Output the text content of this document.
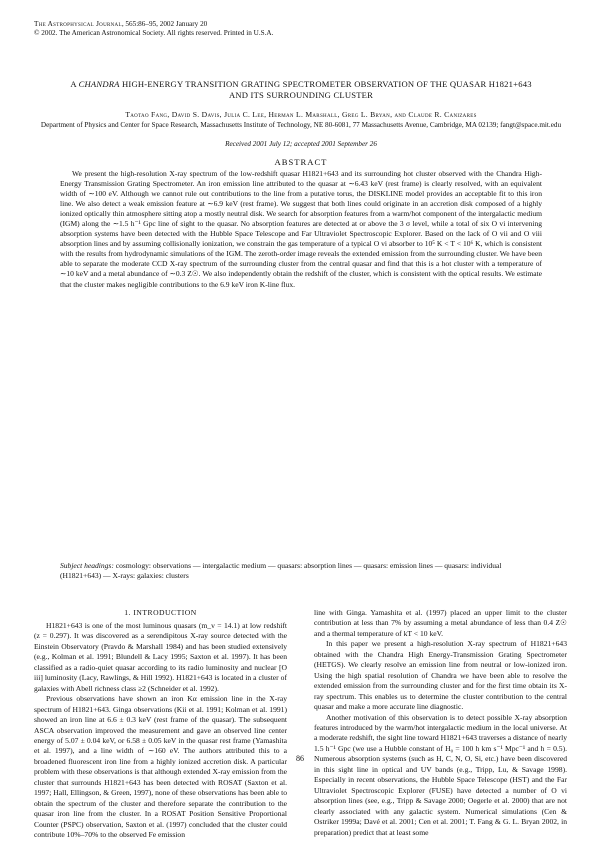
The Astrophysical Journal, 565:86–95, 2002 January 20
© 2002. The American Astronomical Society. All rights reserved. Printed in U.S.A.
A CHANDRA HIGH-ENERGY TRANSITION GRATING SPECTROMETER OBSERVATION OF THE QUASAR H1821+643 AND ITS SURROUNDING CLUSTER
Taotao Fang, David S. Davis, Julia C. Lee, Herman L. Marshall, Greg L. Bryan, and Claude R. Canizares
Department of Physics and Center for Space Research, Massachusetts Institute of Technology, NE 80-6081, 77 Massachusetts Avenue, Cambridge, MA 02139; fangt@space.mit.edu
Received 2001 July 12; accepted 2001 September 26
ABSTRACT

We present the high-resolution X-ray spectrum of the low-redshift quasar H1821+643 and its surrounding hot cluster observed with the Chandra High-Energy Transmission Grating Spectrometer. An iron emission line attributed to the quasar at ∼6.43 keV (rest frame) is clearly resolved, with an equivalent width of ∼100 eV. Although we cannot rule out contributions to the line from a putative torus, the DISKLINE model provides an acceptable fit to this iron line. We also detect a weak emission feature at ∼6.9 keV (rest frame). We suggest that both lines could originate in an accretion disk composed of a highly ionized optically thin atmosphere sitting atop a mostly neutral disk. We search for absorption features from a warm/hot component of the intergalactic medium (IGM) along the ∼1.5 h⁻¹ Gpc line of sight to the quasar. No absorption features are detected at or above the 3 σ level, while a total of six O vi intervening absorption systems have been detected with the Hubble Space Telescope and Far Ultraviolet Spectroscopic Explorer. Based on the lack of O vii and O viii absorption lines and by assuming collisionally ionization, we constrain the gas temperature of a typical O vi absorber to 10⁵ K < T < 10⁶ K, which is consistent with the results from hydrodynamic simulations of the IGM. The zeroth-order image reveals the extended emission from the surrounding cluster. We have been able to separate the moderate CCD X-ray spectrum of the surrounding cluster from the central quasar and find that this is a hot cluster with a temperature of ∼10 keV and a metal abundance of ∼0.3 Z☉. We also independently obtain the redshift of the cluster, which is consistent with the optical results. We estimate that the cluster makes negligible contributions to the 6.9 keV iron K-line flux.

Subject headings: cosmology: observations — intergalactic medium — quasars: absorption lines — quasars: emission lines — quasars: individual (H1821+643) — X-rays: galaxies: clusters

1. INTRODUCTION

H1821+643 is one of the most luminous quasars (m_v = 14.1) at low redshift (z = 0.297). It was discovered as a serendipitous X-ray source detected with the Einstein Observatory (Pravdo & Marshall 1984) and has been studied extensively (e.g., Kolman et al. 1991; Blundell & Lacy 1995; Saxton et al. 1997). It has been classified as a radio-quiet quasar according to its radio luminosity and nuclear [O iii] luminosity (Lacy, Rawlings, & Hill 1992). H1821+643 is located in a cluster of galaxies with Abell richness class ≥2 (Schneider et al. 1992).

Previous observations have shown an iron Kα emission line in the X-ray spectrum of H1821+643. Ginga observations (Kii et al. 1991; Kolman et al. 1991) showed an iron line at 6.6 ± 0.3 keV (rest frame of the quasar). The subsequent ASCA observation improved the measurement and gave an observed line center energy of 5.07 ± 0.04 keV, or 6.58 ± 0.05 keV in the quasar rest frame (Yamashita et al. 1997), and a line width of ∼160 eV. The authors attributed this to a broadened fluorescent iron line from a highly ionized accretion disk. A particular problem with these observations is that although extended X-ray emission from the cluster that surrounds H1821+643 has been detected with ROSAT (Saxton et al. 1997; Hall, Ellingson, & Green, 1997), none of these observations has been able to obtain the spectrum of the cluster and therefore separate the contribution to the quasar iron line from the cluster. In a ROSAT Position Sensitive Proportional Counter (PSPC) observation, Saxton et al. (1997) concluded that the cluster could contribute 10%–70% to the observed Fe emission

line with Ginga. Yamashita et al. (1997) placed an upper limit to the cluster contribution at less than 7% by assuming a metal abundance of less than 0.4 Z☉ and a thermal temperature of kT < 10 keV.

In this paper we present a high-resolution X-ray spectrum of H1821+643 obtained with the Chandra High Energy-Transmission Grating Spectrometer (HETGS). We clearly resolve an emission line from neutral or low-ionized iron. Using the high spatial resolution of Chandra we have been able to resolve the extended emission from the surrounding cluster and for the first time obtain its X-ray spectrum. This enables us to determine the cluster contribution to the central quasar and make a more accurate line diagnostic.

Another motivation of this observation is to detect possible X-ray absorption features introduced by the warm/hot intergalactic medium in the local universe. At a moderate redshift, the sight line toward H1821+643 traverses a distance of nearly 1.5 h⁻¹ Gpc (we use a Hubble constant of H₀ = 100 h km s⁻¹ Mpc⁻¹ and h = 0.5). Numerous absorption systems (such as H, C, N, O, Si, etc.) have been discovered in this sight line in optical and UV bands (e.g., Tripp, Lu, & Savage 1998). Especially in recent observations, the Hubble Space Telescope (HST) and the Far Ultraviolet Spectroscopic Explorer (FUSE) have detected a number of O vi absorption lines (see, e.g., Tripp & Savage 2000; Oegerle et al. 2000) that are not clearly associated with any galactic system. Numerical simulations (Cen & Ostriker 1999a; Davé et al. 2001; Cen et al. 2001; T. Fang & G. L. Bryan 2002, in preparation) predict that at least some

86
